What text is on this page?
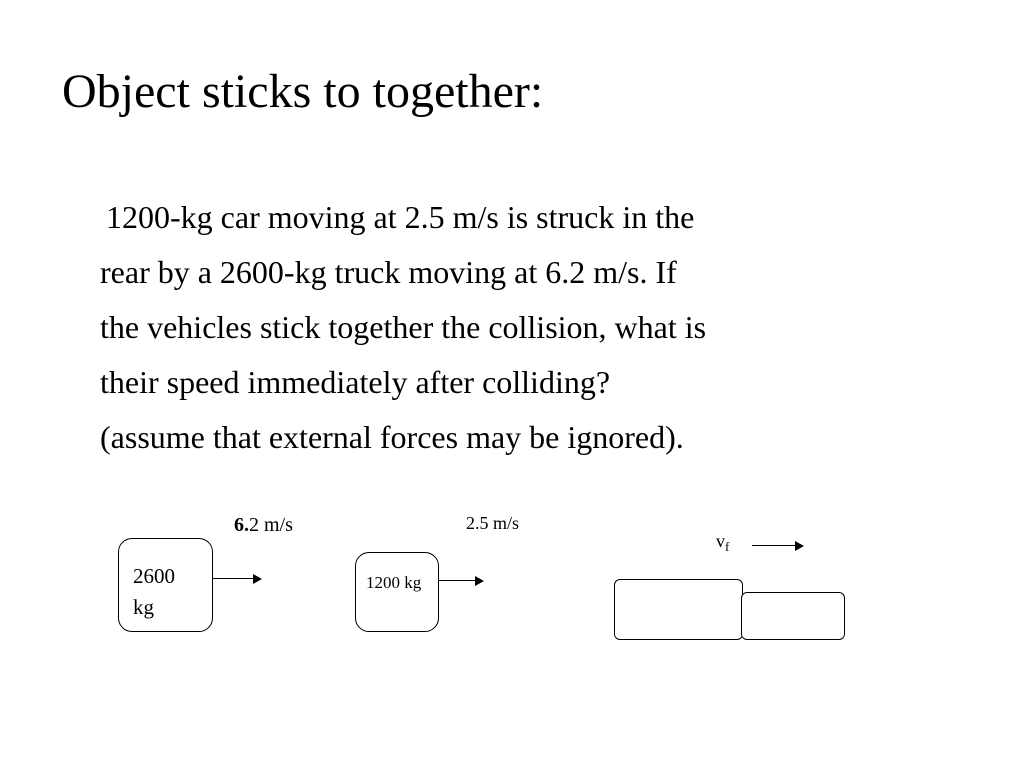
Object sticks to together:
1200-kg car moving at 2.5 m/s is struck in the
rear by a 2600-kg truck moving at 6.2 m/s. If
the vehicles stick together the collision, what is
their speed immediately after colliding?
(assume that external forces may be ignored).
6.2 m/s
2600
kg
2.5 m/s
1200 kg
$v_f$
